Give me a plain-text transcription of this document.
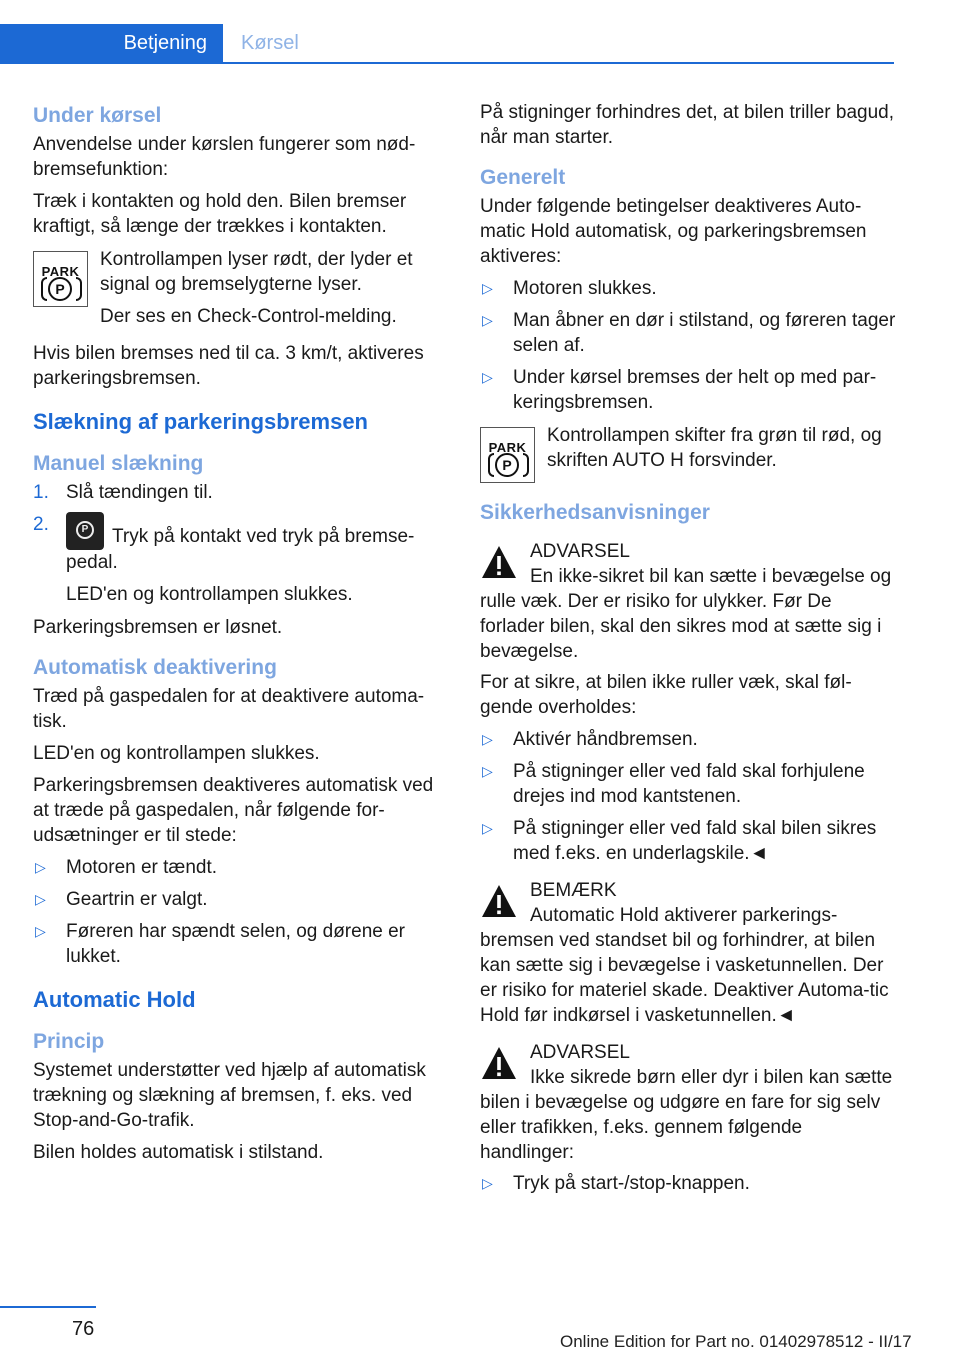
Betjening	Kørsel
Under kørsel

Anvendelse under kørslen fungerer som nød-bremsefunktion:

Træk i kontakten og hold den. Bilen bremser kraftigt, så længe der trækkes i kontakten.

PARK
P

Kontrollampen lyser rødt, der lyder et signal og bremselygterne lyser.

Der ses en Check-Control-melding.

Hvis bilen bremses ned til ca. 3 km/t, aktiveres parkeringsbremsen.

Slækning af parkeringsbremsen
Manuel slækning
1. Slå tændingen til.
2.	P Tryk på kontakt ved tryk på bremse-pedal.
LED'en og kontrollampen slukkes.

Parkeringsbremsen er løsnet.

Automatisk deaktivering

Træd på gaspedalen for at deaktivere automa-tisk.

LED'en og kontrollampen slukkes.

Parkeringsbremsen deaktiveres automatisk ved at træde på gaspedalen, når følgende for-udsætninger er til stede:

▷ Motoren er tændt.
▷ Geartrin er valgt.
▷ Føreren har spændt selen, og dørene er lukket.
Automatic Hold
Princip

Systemet understøtter ved hjælp af automatisk trækning og slækning af bremsen, f. eks. ved Stop-and-Go-trafik.

Bilen holdes automatisk i stilstand.

På stigninger forhindres det, at bilen triller bagud, når man starter.

Generelt

Under følgende betingelser deaktiveres Auto-matic Hold automatisk, og parkeringsbremsen aktiveres:

▷ Motoren slukkes.
▷ Man åbner en dør i stilstand, og føreren tager selen af.
▷ Under kørsel bremses der helt op med par-keringsbremsen.
PARK
P

Kontrollampen skifter fra grøn til rød, og skriften AUTO H forsvinder.

Sikkerhedsanvisninger
ADVARSEL
En ikke-sikret bil kan sætte i bevægelse og rulle væk. Der er risiko for ulykker. Før De forlader bilen, skal den sikres mod at sætte sig i bevægelse.

For at sikre, at bilen ikke ruller væk, skal føl-gende overholdes:

▷ Aktivér håndbremsen.
▷ På stigninger eller ved fald skal forhjulene drejes ind mod kantstenen.
▷ På stigninger eller ved fald skal bilen sikres med f.eks. en underlagskile.◄
BEMÆRK
Automatic Hold aktiverer parkerings-bremsen ved standset bil og forhindrer, at bilen kan sætte sig i bevægelse i vasketunnellen. Der er risiko for materiel skade. Deaktiver Automa-tic Hold før indkørsel i vasketunnellen.◄
ADVARSEL
Ikke sikrede børn eller dyr i bilen kan sætte bilen i bevægelse og udgøre en fare for sig selv eller trafikken, f.eks. gennem følgende handlinger:
▷ Tryk på start-/stop-knappen.
76
Online Edition for Part no. 01402978512 - II/17
